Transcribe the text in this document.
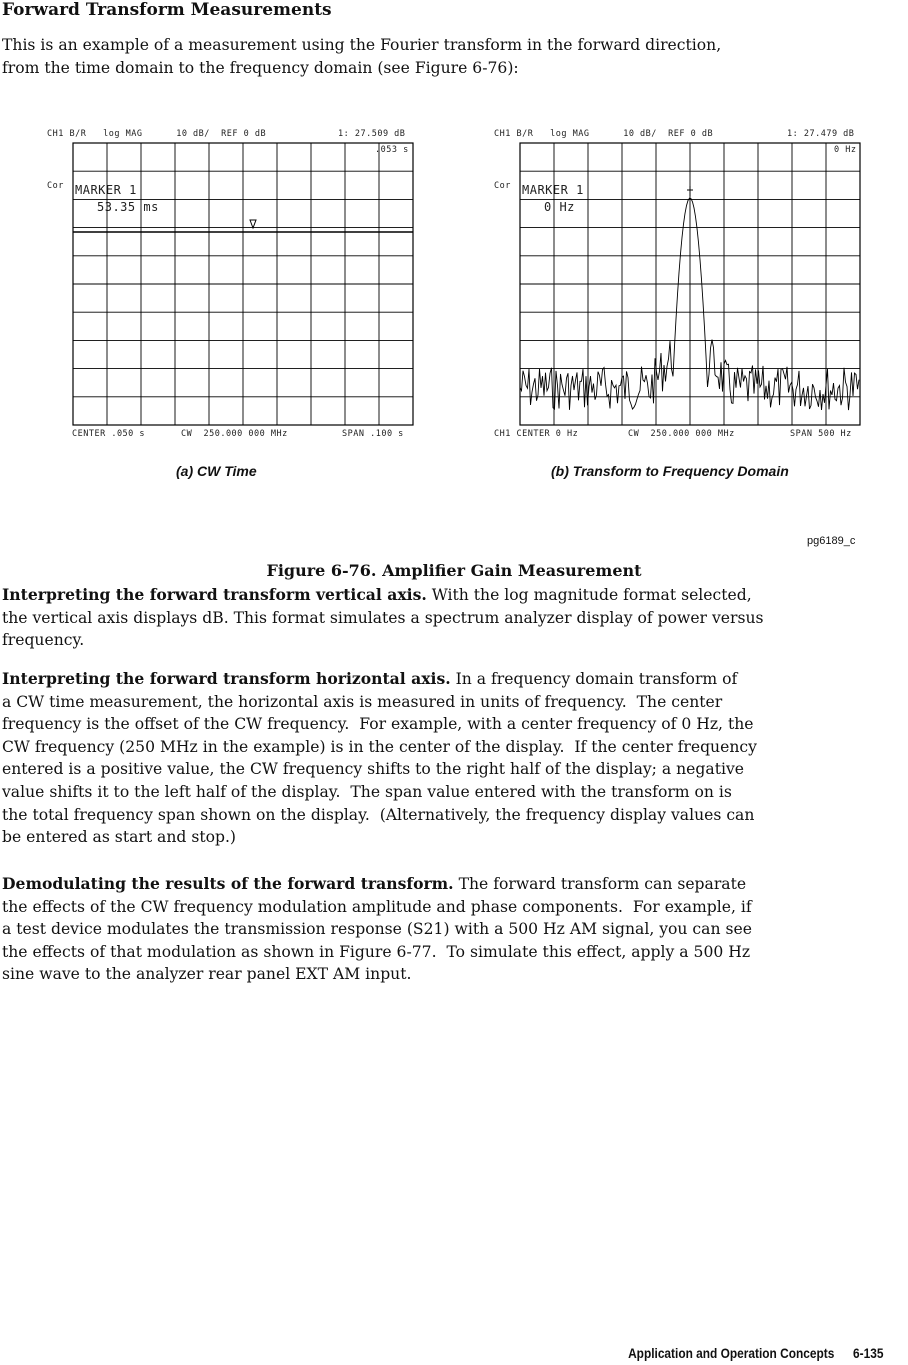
Forward Transform Measurements
This is an example of a measurement using the Fourier transform in the forward direction,
from the time domain to the frequency domain (see Figure 6-76):
CH1 B/R   log MAG      10 dB/  REF 0 dB	1: 27.509 dB
.053 s
Cor MARKER 1
53.35 ms
CENTER .050 s	CW  250.000 000 MHz	SPAN .100 s
(a) CW Time
CH1 B/R   log MAG      10 dB/  REF 0 dB	1: 27.479 dB
0 Hz
Cor MARKER 1
0 Hz
CH1 CENTER 0 Hz	CW  250.000 000 MHz	SPAN 500 Hz
(b) Transform to Frequency Domain
pg6189_c
Figure 6-76. Amplifier Gain Measurement
Interpreting the forward transform vertical axis. With the log magnitude format selected,
the vertical axis displays dB. This format simulates a spectrum analyzer display of power versus
frequency.
Interpreting the forward transform horizontal axis. In a frequency domain transform of
a CW time measurement, the horizontal axis is measured in units of frequency.  The center
frequency is the offset of the CW frequency.  For example, with a center frequency of 0 Hz, the
CW frequency (250 MHz in the example) is in the center of the display.  If the center frequency
entered is a positive value, the CW frequency shifts to the right half of the display; a negative
value shifts it to the left half of the display.  The span value entered with the transform on is
the total frequency span shown on the display.  (Alternatively, the frequency display values can
be entered as start and stop.)
Demodulating the results of the forward transform. The forward transform can separate
the effects of the CW frequency modulation amplitude and phase components.  For example, if
a test device modulates the transmission response (S21) with a 500 Hz AM signal, you can see
the effects of that modulation as shown in Figure 6-77.  To simulate this effect, apply a 500 Hz
sine wave to the analyzer rear panel EXT AM input.
Application and Operation Concepts 6-135
